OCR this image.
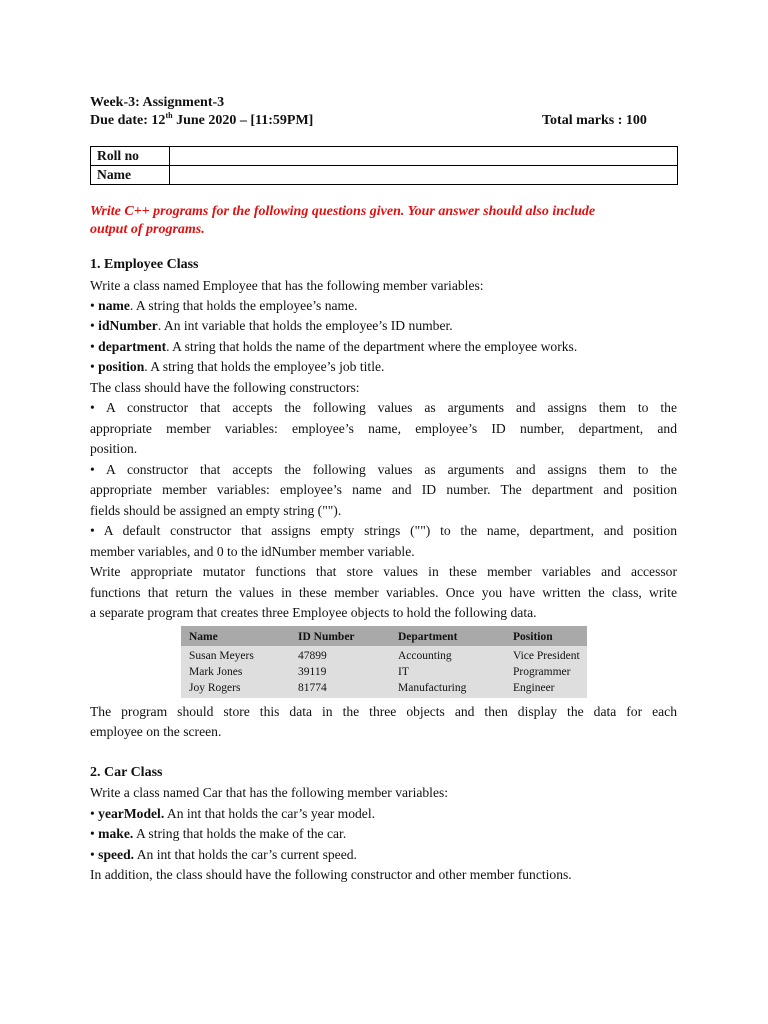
Week-3: Assignment-3
Due date: 12th June 2020 – [11:59PM]	Total marks : 100
Roll no	
Name	
Write C++ programs for the following questions given. Your answer should also include
output of programs.
1. Employee Class
Write a class named Employee that has the following member variables:
• name. A string that holds the employee’s name.
• idNumber. An int variable that holds the employee’s ID number.
• department. A string that holds the name of the department where the employee works.
• position. A string that holds the employee’s job title.
The class should have the following constructors:
• A constructor that accepts the following values as arguments and assigns them to the
appropriate member variables: employee’s name, employee’s ID number, department, and
position.
• A constructor that accepts the following values as arguments and assigns them to the
appropriate member variables: employee’s name and ID number. The department and position
fields should be assigned an empty string ("").
• A default constructor that assigns empty strings ("") to the name, department, and position
member variables, and 0 to the idNumber member variable.
Write appropriate mutator functions that store values in these member variables and accessor
functions that return the values in these member variables. Once you have written the class, write
a separate program that creates three Employee objects to hold the following data.
Name	ID Number	Department	Position
Susan Meyers	47899	Accounting	Vice President
Mark Jones	39119	IT	Programmer
Joy Rogers	81774	Manufacturing	Engineer
The program should store this data in the three objects and then display the data for each
employee on the screen.
2. Car Class
Write a class named Car that has the following member variables:
• yearModel. An int that holds the car’s year model.
• make. A string that holds the make of the car.
• speed. An int that holds the car’s current speed.
In addition, the class should have the following constructor and other member functions.
